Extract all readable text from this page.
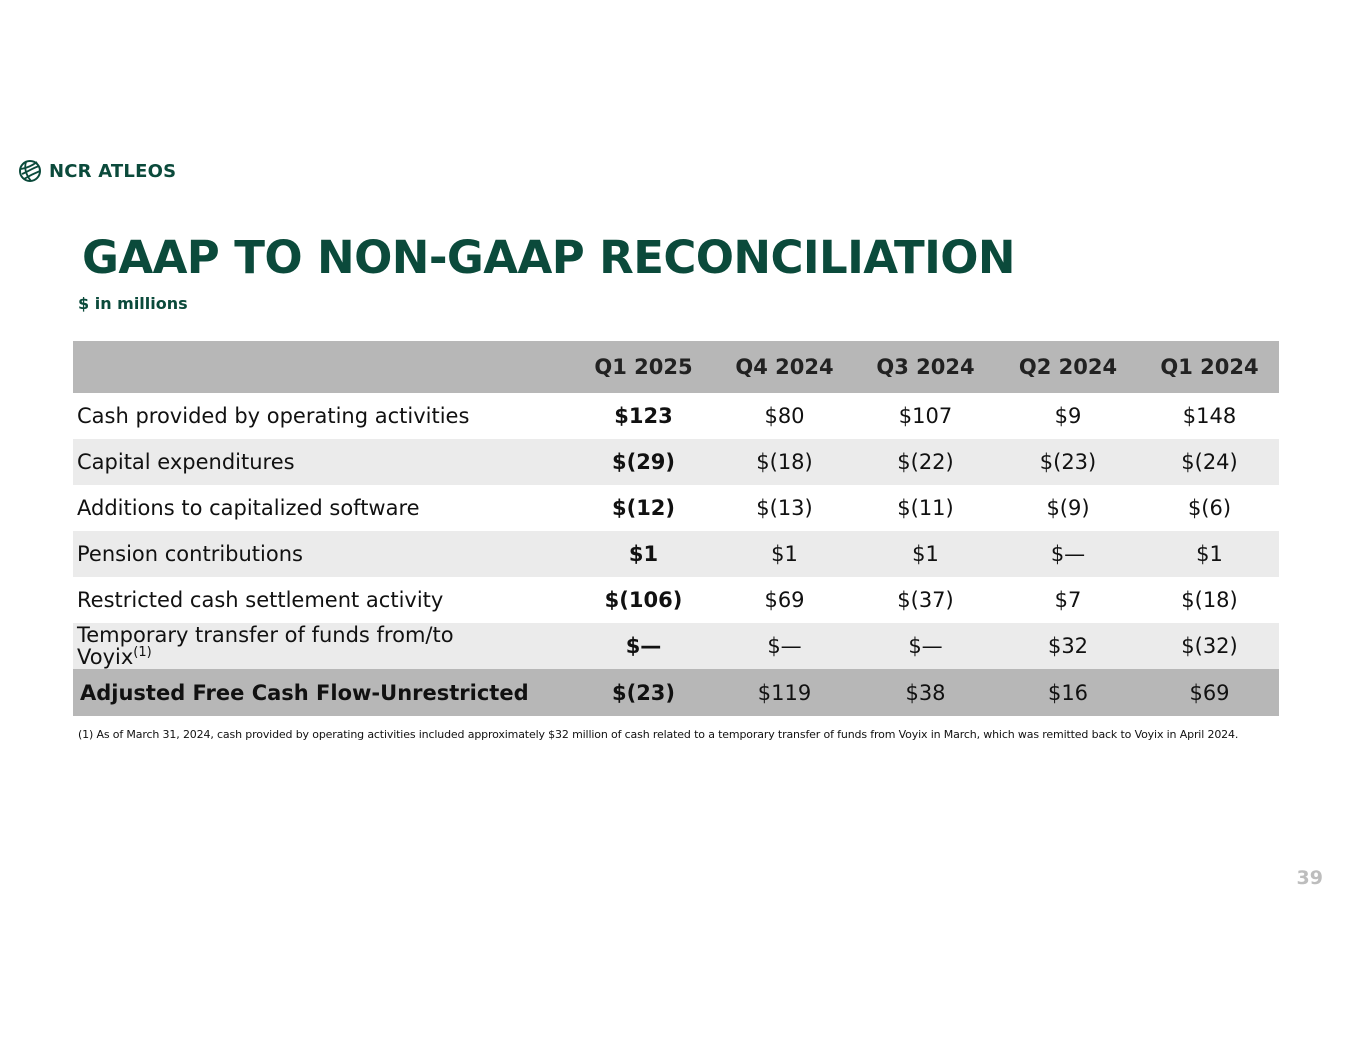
NCR ATLEOS
GAAP TO NON-GAAP RECONCILIATION
$ in millions
	Q1 2025	Q4 2024	Q3 2024	Q2 2024	Q1 2024
Cash provided by operating activities	$123	$80	$107	$9	$148
Capital expenditures	$(29)	$(18)	$(22)	$(23)	$(24)
Additions to capitalized software	$(12)	$(13)	$(11)	$(9)	$(6)
Pension contributions	$1	$1	$1	$—	$1
Restricted cash settlement activity	$(106)	$69	$(37)	$7	$(18)
Temporary transfer of funds from/to Voyix$^{(1)}$	$—	$—	$—	$32	$(32)
Adjusted Free Cash Flow-Unrestricted	$(23)	$119	$38	$16	$69
(1) As of March 31, 2024, cash provided by operating activities included approximately $32 million of cash related to a temporary transfer of funds from Voyix in March, which was remitted back to Voyix in April 2024.
39
